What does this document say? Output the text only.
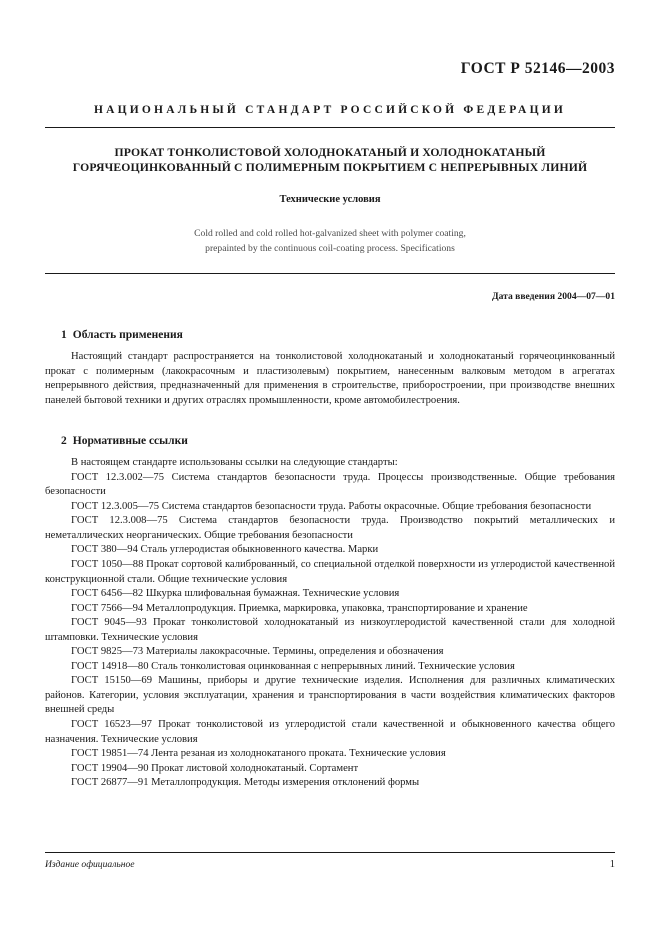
ГОСТ Р 52146—2003
НАЦИОНАЛЬНЫЙ СТАНДАРТ РОССИЙСКОЙ ФЕДЕРАЦИИ
ПРОКАТ ТОНКОЛИСТОВОЙ ХОЛОДНОКАТАНЫЙ И ХОЛОДНОКАТАНЫЙ
ГОРЯЧЕОЦИНКОВАННЫЙ С ПОЛИМЕРНЫМ ПОКРЫТИЕМ С НЕПРЕРЫВНЫХ ЛИНИЙ
Технические условия
Cold rolled and cold rolled hot-galvanized sheet with polymer coating,
prepainted by the continuous coil-coating process. Specifications
Дата введения 2004—07—01
1 Область применения

Настоящий стандарт распространяется на тонколистовой холоднокатаный и холоднокатаный горячеоцинкованный прокат с полимерным (лакокрасочным и пластизолевым) покрытием, нанесенным валковым методом в агрегатах непрерывного действия, предназначенный для применения в строительстве, приборостроении, при производстве внешних панелей бытовой техники и других отраслях промышленности, кроме автомобилестроения.

2 Нормативные ссылки

В настоящем стандарте использованы ссылки на следующие стандарты:

ГОСТ 12.3.002—75 Система стандартов безопасности труда. Процессы производственные. Общие требования безопасности

ГОСТ 12.3.005—75 Система стандартов безопасности труда. Работы окрасочные. Общие требования безопасности

ГОСТ 12.3.008—75 Система стандартов безопасности труда. Производство покрытий металлических и неметаллических неорганических. Общие требования безопасности

ГОСТ 380—94 Сталь углеродистая обыкновенного качества. Марки

ГОСТ 1050—88 Прокат сортовой калиброванный, со специальной отделкой поверхности из углеродистой качественной конструкционной стали. Общие технические условия

ГОСТ 6456—82 Шкурка шлифовальная бумажная. Технические условия

ГОСТ 7566—94 Металлопродукция. Приемка, маркировка, упаковка, транспортирование и хранение

ГОСТ 9045—93 Прокат тонколистовой холоднокатаный из низкоуглеродистой качественной стали для холодной штамповки. Технические условия

ГОСТ 9825—73 Материалы лакокрасочные. Термины, определения и обозначения

ГОСТ 14918—80 Сталь тонколистовая оцинкованная с непрерывных линий. Технические условия

ГОСТ 15150—69 Машины, приборы и другие технические изделия. Исполнения для различных климатических районов. Категории, условия эксплуатации, хранения и транспортирования в части воздействия климатических факторов внешней среды

ГОСТ 16523—97 Прокат тонколистовой из углеродистой стали качественной и обыкновенного качества общего назначения. Технические условия

ГОСТ 19851—74 Лента резаная из холоднокатаного проката. Технические условия

ГОСТ 19904—90 Прокат листовой холоднокатаный. Сортамент

ГОСТ 26877—91 Металлопродукция. Методы измерения отклонений формы

Издание официальное	1
